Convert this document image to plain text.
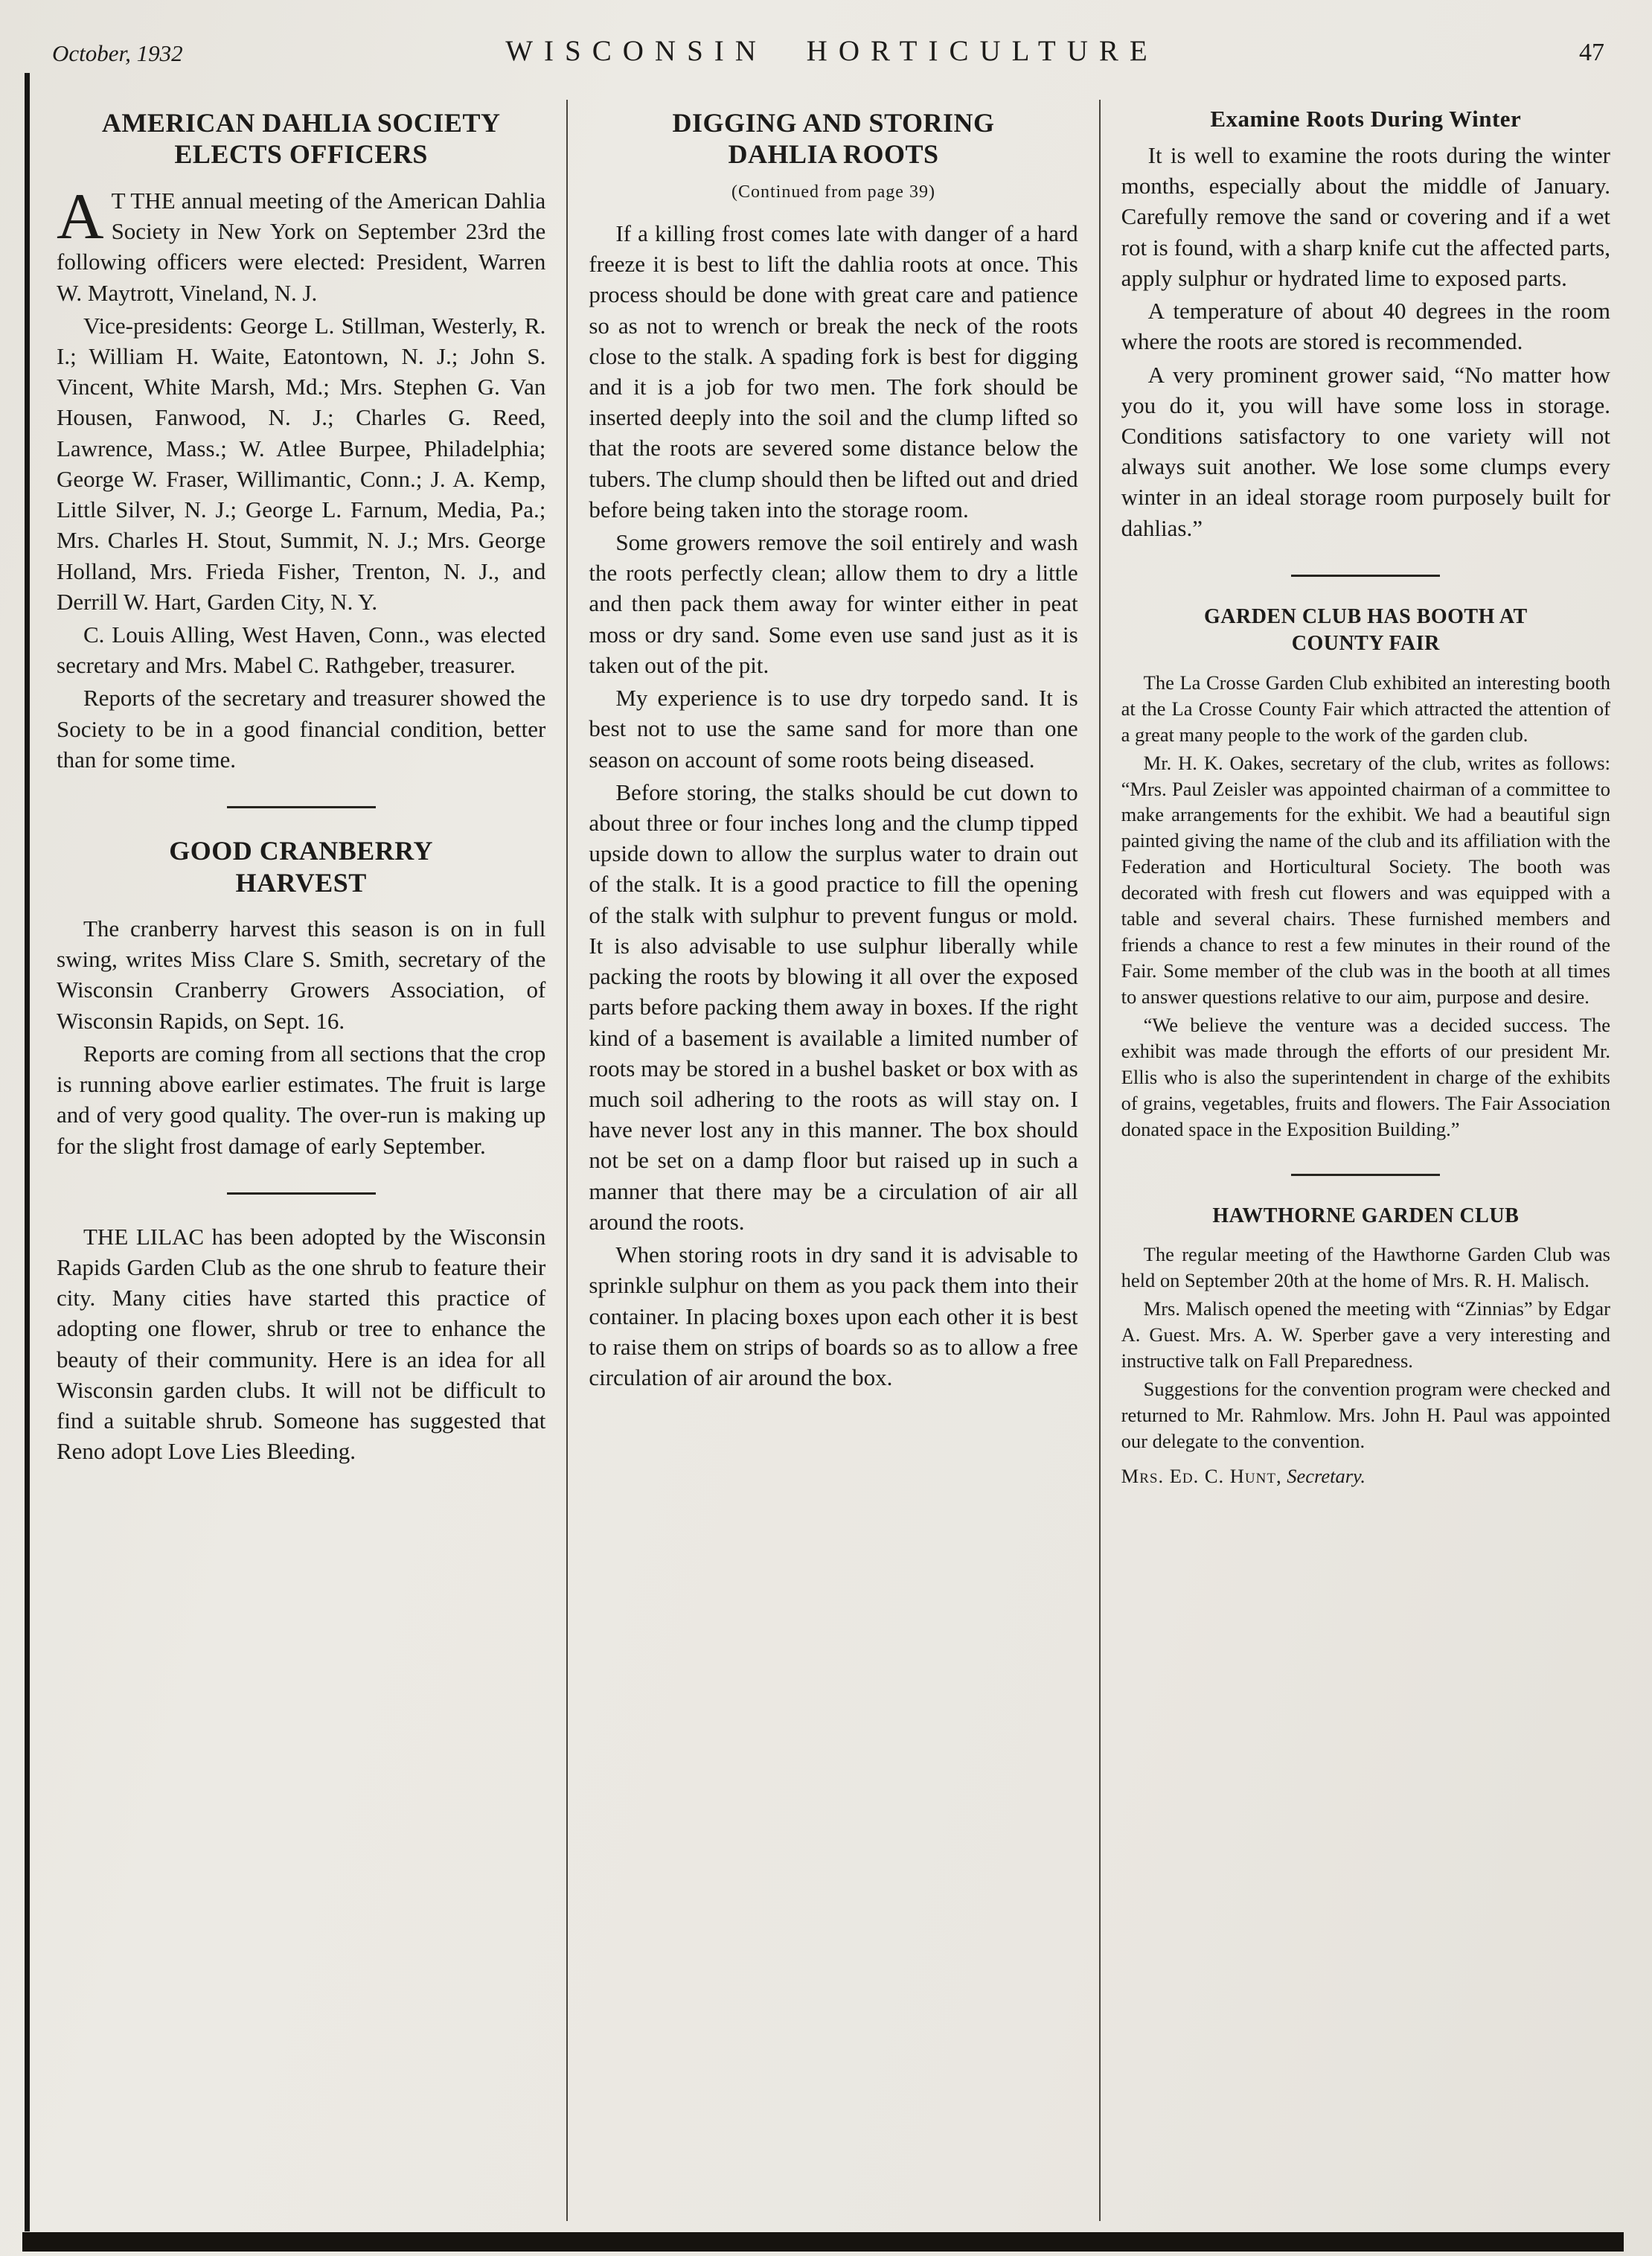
October, 1932	WISCONSIN HORTICULTURE	47
AMERICAN DAHLIA SOCIETY
ELECTS OFFICERS

A T THE annual meeting of the American Dahlia Society in New York on September 23rd the following officers were elected: President, Warren W. Maytrott, Vineland, N. J.

Vice-presidents: George L. Stillman, Westerly, R. I.; William H. Waite, Eatontown, N. J.; John S. Vincent, White Marsh, Md.; Mrs. Stephen G. Van Housen, Fanwood, N. J.; Charles G. Reed, Lawrence, Mass.; W. Atlee Burpee, Philadelphia; George W. Fraser, Willimantic, Conn.; J. A. Kemp, Little Silver, N. J.; George L. Farnum, Media, Pa.; Mrs. Charles H. Stout, Summit, N. J.; Mrs. George Holland, Mrs. Frieda Fisher, Trenton, N. J., and Derrill W. Hart, Garden City, N. Y.

C. Louis Alling, West Haven, Conn., was elected secretary and Mrs. Mabel C. Rathgeber, treasurer.

Reports of the secretary and treasurer showed the Society to be in a good financial condition, better than for some time.

GOOD CRANBERRY
HARVEST

The cranberry harvest this season is on in full swing, writes Miss Clare S. Smith, secretary of the Wisconsin Cranberry Growers Association, of Wisconsin Rapids, on Sept. 16.

Reports are coming from all sections that the crop is running above earlier estimates. The fruit is large and of very good quality. The over-run is making up for the slight frost damage of early September.

THE LILAC has been adopted by the Wisconsin Rapids Garden Club as the one shrub to feature their city. Many cities have started this practice of adopting one flower, shrub or tree to enhance the beauty of their community. Here is an idea for all Wisconsin garden clubs. It will not be difficult to find a suitable shrub. Someone has suggested that Reno adopt Love Lies Bleeding.

DIGGING AND STORING
DAHLIA ROOTS

(Continued from page 39)

If a killing frost comes late with danger of a hard freeze it is best to lift the dahlia roots at once. This process should be done with great care and patience so as not to wrench or break the neck of the roots close to the stalk. A spading fork is best for digging and it is a job for two men. The fork should be inserted deeply into the soil and the clump lifted so that the roots are severed some distance below the tubers. The clump should then be lifted out and dried before being taken into the storage room.

Some growers remove the soil entirely and wash the roots perfectly clean; allow them to dry a little and then pack them away for winter either in peat moss or dry sand. Some even use sand just as it is taken out of the pit.

My experience is to use dry torpedo sand. It is best not to use the same sand for more than one season on account of some roots being diseased.

Before storing, the stalks should be cut down to about three or four inches long and the clump tipped upside down to allow the surplus water to drain out of the stalk. It is a good practice to fill the opening of the stalk with sulphur to prevent fungus or mold. It is also advisable to use sulphur liberally while packing the roots by blowing it all over the exposed parts before packing them away in boxes. If the right kind of a basement is available a limited number of roots may be stored in a bushel basket or box with as much soil adhering to the roots as will stay on. I have never lost any in this manner. The box should not be set on a damp floor but raised up in such a manner that there may be a circulation of air all around the roots.

When storing roots in dry sand it is advisable to sprinkle sulphur on them as you pack them into their container. In placing boxes upon each other it is best to raise them on strips of boards so as to allow a free circulation of air around the box.

Examine Roots During Winter

It is well to examine the roots during the winter months, especially about the middle of January. Carefully remove the sand or covering and if a wet rot is found, with a sharp knife cut the affected parts, apply sulphur or hydrated lime to exposed parts.

A temperature of about 40 degrees in the room where the roots are stored is recommended.

A very prominent grower said, “No matter how you do it, you will have some loss in storage. Conditions satisfactory to one variety will not always suit another. We lose some clumps every winter in an ideal storage room purposely built for dahlias.”

GARDEN CLUB HAS BOOTH AT
COUNTY FAIR

The La Crosse Garden Club exhibited an interesting booth at the La Crosse County Fair which attracted the attention of a great many people to the work of the garden club.

Mr. H. K. Oakes, secretary of the club, writes as follows: “Mrs. Paul Zeisler was appointed chairman of a committee to make arrangements for the exhibit. We had a beautiful sign painted giving the name of the club and its affiliation with the Federation and Horticultural Society. The booth was decorated with fresh cut flowers and was equipped with a table and several chairs. These furnished members and friends a chance to rest a few minutes in their round of the Fair. Some member of the club was in the booth at all times to answer questions relative to our aim, purpose and desire.

“We believe the venture was a decided success. The exhibit was made through the efforts of our president Mr. Ellis who is also the superintendent in charge of the exhibits of grains, vegetables, fruits and flowers. The Fair Association donated space in the Exposition Building.”

HAWTHORNE GARDEN CLUB

The regular meeting of the Hawthorne Garden Club was held on September 20th at the home of Mrs. R. H. Malisch.

Mrs. Malisch opened the meeting with “Zinnias” by Edgar A. Guest. Mrs. A. W. Sperber gave a very interesting and instructive talk on Fall Preparedness.

Suggestions for the convention program were checked and returned to Mr. Rahmlow. Mrs. John H. Paul was appointed our delegate to the convention.

Mrs. Ed. C. Hunt, Secretary.
